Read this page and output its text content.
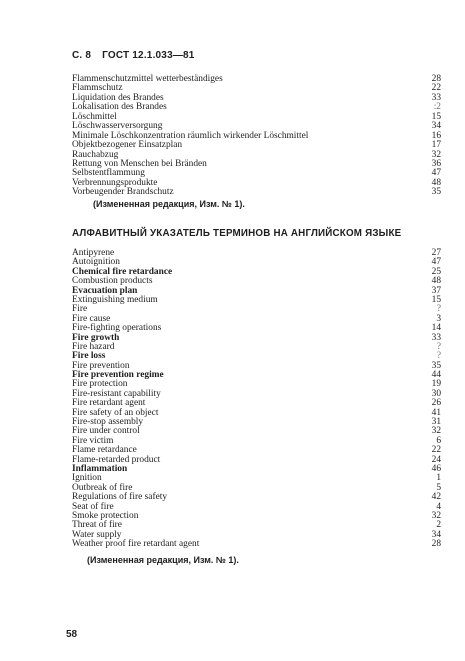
С. 8 ГОСТ 12.1.033—81
Flammenschutzmittel wetterbeständiges	28
Flammschutz	22
Liquidation des Brandes	33
Lokalisation des Brandes	:2
Löschmittel	15
Löschwasserversorgung	34
Minimale Löschkonzentration räumlich wirkender Löschmittel	16
Objektbezogener Einsatzplan	17
Rauchabzug	32
Rettung von Menschen bei Bränden	36
Selbstentflammung	47
Verbrennungsprodukte	48
Vorbeugender Brandschutz	35
(Измененная редакция, Изм. № 1).
АЛФАВИТНЫЙ УКАЗАТЕЛЬ ТЕРМИНОВ НА АНГЛИЙСКОМ ЯЗЫКЕ
Antipyrene	27
Autoignition	47
Chemical fire retardance	25
Combustion products	48
Evacuation plan	37
Extinguishing medium	15
Fire	?
Fire cause	3
Fire-fighting operations	14
Fire growth	33
Fire hazard	?
Fire loss	?
Fire prevention	35
Fire prevention regime	44
Fire protection	19
Fire-resistant capability	30
Fire retardant agent	26
Fire safety of an object	41
Fire-stop assembly	31
Fire under control	32
Fire victim	6
Flame retardance	22
Flame-retarded product	24
Inflammation	46
Ignition	1
Outbreak of fire	5
Regulations of fire safety	42
Seat of fire	4
Smoke protection	32
Threat of fire	2
Water supply	34
Weather proof fire retardant agent	28
(Измененная редакция, Изм. № 1).
58
